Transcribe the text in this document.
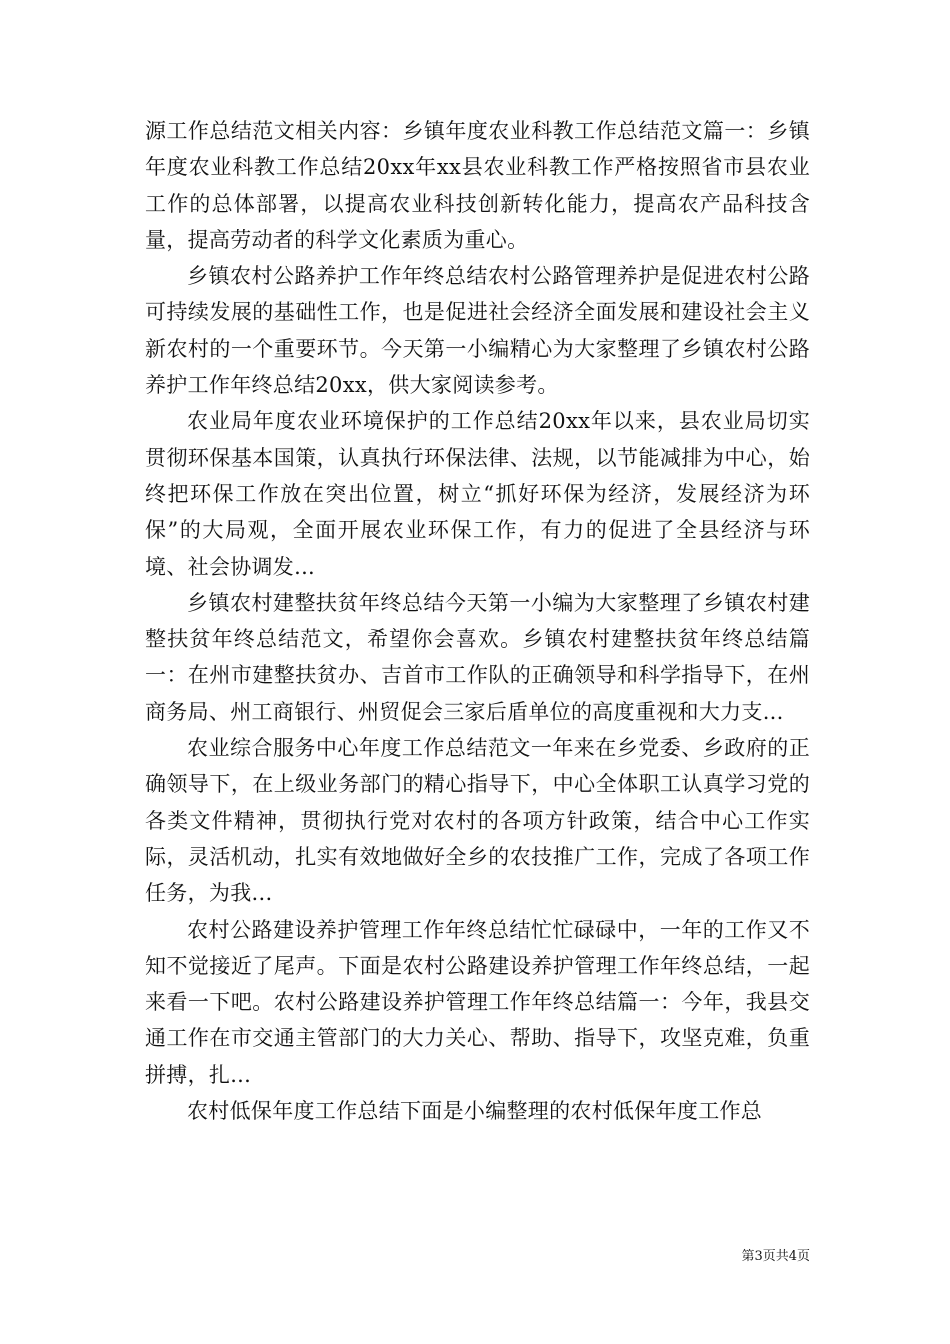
源工作总结范文相关内容：乡镇年度农业科教工作总结范文篇一：乡镇年度农业科教工作总结20xx年xx县农业科教工作严格按照省市县农业工作的总体部署，以提高农业科技创新转化能力，提高农产品科技含量，提高劳动者的科学文化素质为重心。

乡镇农村公路养护工作年终总结农村公路管理养护是促进农村公路可持续发展的基础性工作，也是促进社会经济全面发展和建设社会主义新农村的一个重要环节。今天第一小编精心为大家整理了乡镇农村公路养护工作年终总结20xx，供大家阅读参考。

农业局年度农业环境保护的工作总结20xx年以来，县农业局切实贯彻环保基本国策，认真执行环保法律、法规，以节能减排为中心，始终把环保工作放在突出位置，树立“抓好环保为经济，发展经济为环保”的大局观，全面开展农业环保工作，有力的促进了全县经济与环境、社会协调发...

乡镇农村建整扶贫年终总结今天第一小编为大家整理了乡镇农村建整扶贫年终总结范文，希望你会喜欢。乡镇农村建整扶贫年终总结篇一：在州市建整扶贫办、吉首市工作队的正确领导和科学指导下，在州商务局、州工商银行、州贸促会三家后盾单位的高度重视和大力支...

农业综合服务中心年度工作总结范文一年来在乡党委、乡政府的正确领导下，在上级业务部门的精心指导下，中心全体职工认真学习党的各类文件精神，贯彻执行党对农村的各项方针政策，结合中心工作实际，灵活机动，扎实有效地做好全乡的农技推广工作，完成了各项工作任务，为我...

农村公路建设养护管理工作年终总结忙忙碌碌中，一年的工作又不知不觉接近了尾声。下面是农村公路建设养护管理工作年终总结，一起来看一下吧。农村公路建设养护管理工作年终总结篇一：今年，我县交通工作在市交通主管部门的大力关心、帮助、指导下，攻坚克难，负重拼搏，扎...

农村低保年度工作总结下面是小编整理的农村低保年度工作总

第3页共4页
